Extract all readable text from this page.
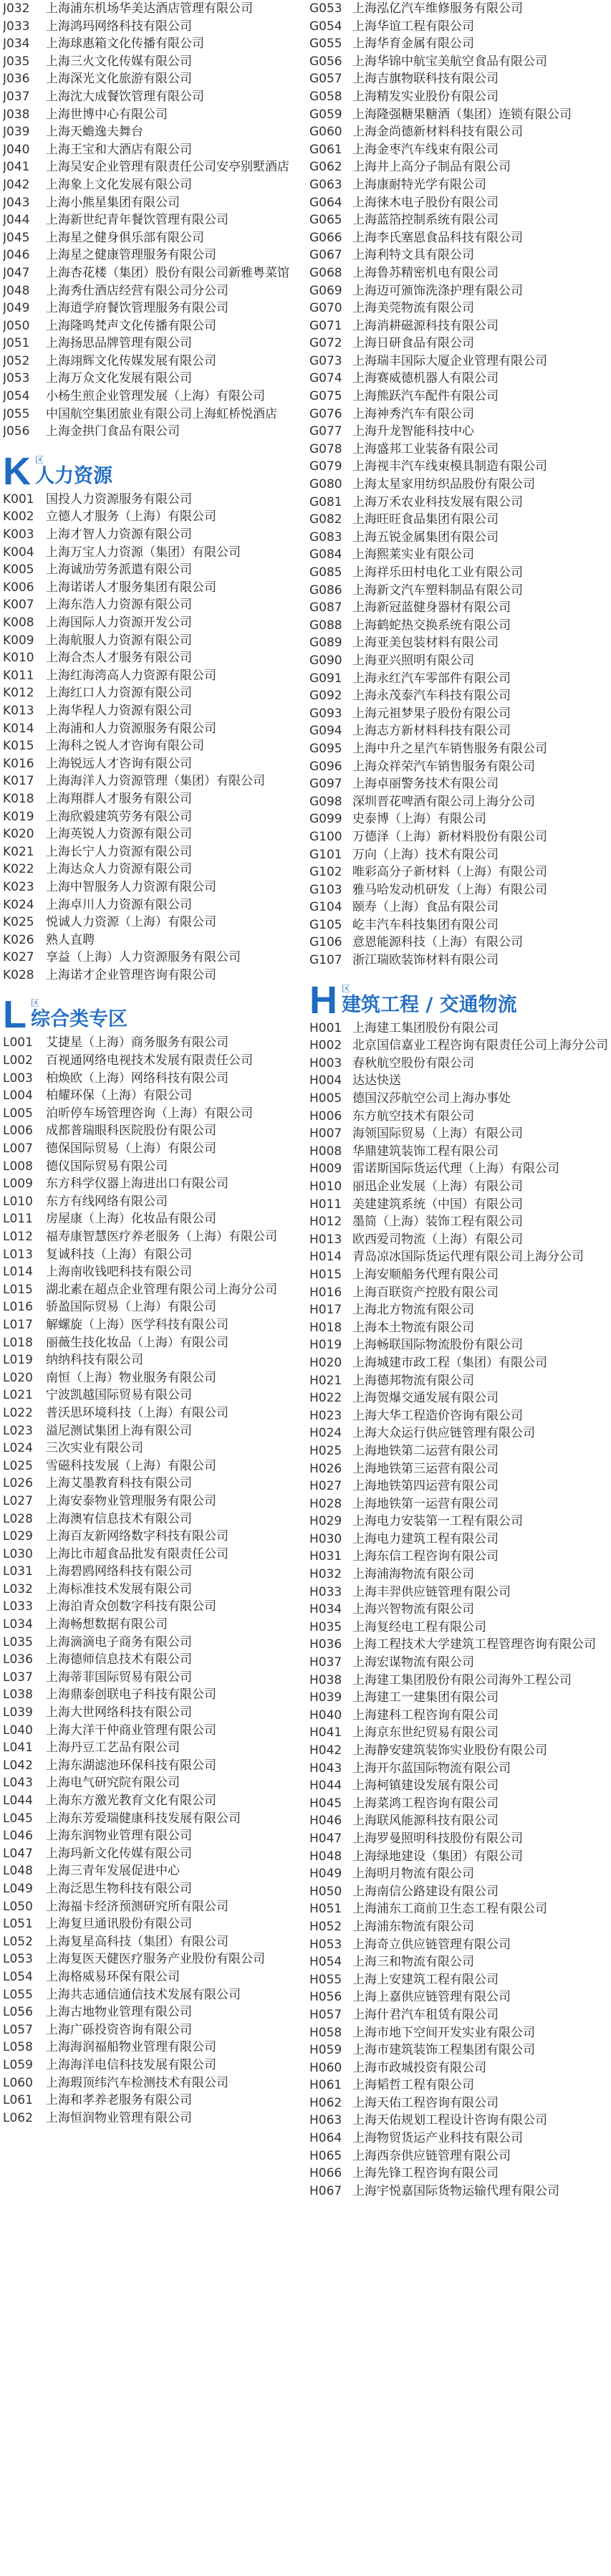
J032	上海浦东机场华美达酒店管理有限公司
J033	上海鸿玛网络科技有限公司
J034	上海球惠箱文化传播有限公司
J035	上海三火文化传媒有限公司
J036	上海深光文化旅游有限公司
J037	上海沈大成餐饮管理有限公司
J038	上海世博中心有限公司
J039	上海天蟾逸夫舞台
J040	上海王宝和大酒店有限公司
J041	上海吴安企业管理有限责任公司安亭别墅酒店
J042	上海象上文化发展有限公司
J043	上海小熊星集团有限公司
J044	上海新世纪青年餐饮管理有限公司
J045	上海星之健身俱乐部有限公司
J046	上海星之健康管理服务有限公司
J047	上海杏花楼（集团）股份有限公司新雅粤菜馆
J048	上海秀仕酒店经营有限公司分公司
J049	上海逍学府餐饮管理服务有限公司
J050	上海隆鸣梵声文化传播有限公司
J051	上海扬思品牌管理有限公司
J052	上海翊辉文化传媒发展有限公司
J053	上海万众文化发展有限公司
J054	小杨生煎企业管理发展（上海）有限公司
J055	中国航空集团旅业有限公司上海虹桥悦酒店
J056	上海金拱门食品有限公司
K 区
人力资源
K001 国投人力资源服务有限公司
K002 立德人才服务（上海）有限公司
K003 上海才智人力资源有限公司
K004 上海万宝人力资源（集团）有限公司
K005 上海诚劢劳务派遣有限公司
K006 上海诺诺人才服务集团有限公司
K007 上海东浩人力资源有限公司
K008 上海国际人力资源开发公司
K009 上海航服人力资源有限公司
K010 上海合杰人才服务有限公司
K011 上海红海湾高人力资源有限公司
K012 上海红口人力资源有限公司
K013 上海华程人力资源有限公司
K014 上海浦和人力资源服务有限公司
K015 上海科之锐人才咨询有限公司
K016 上海锐远人才咨询有限公司
K017 上海海洋人力资源管理（集团）有限公司
K018 上海翔群人才服务有限公司
K019 上海欣毅建筑劳务有限公司
K020 上海英锐人力资源有限公司
K021 上海长宁人力资源有限公司
K022 上海达众人力资源有限公司
K023 上海中智服务人力资源有限公司
K024 上海卓川人力资源有限公司
K025 悦诚人力资源（上海）有限公司
K026 熟人直聘
K027 享益（上海）人力资源服务有限公司
K028 上海诺才企业管理咨询有限公司
L 区
综合类专区
L001	艾捷星（上海）商务服务有限公司
L002	百视通网络电视技术发展有限责任公司
L003	柏焕欧（上海）网络科技有限公司
L004	柏耀环保（上海）有限公司
L005	泊昕停车场管理咨询（上海）有限公司
L006	成都普瑞眼科医院股份有限公司
L007	德保国际贸易（上海）有限公司
L008	德仪国际贸易有限公司
L009	东方科学仪器上海进出口有限公司
L010	东方有线网络有限公司
L011	房屋康（上海）化妆品有限公司
L012	福寿康智慧医疗养老服务（上海）有限公司
L013	复诚科技（上海）有限公司
L014	上海南收钱吧科技有限公司
L015	湖北素在超点企业管理有限公司上海分公司
L016	骄盈国际贸易（上海）有限公司
L017	解螺旋（上海）医学科技有限公司
L018	丽薇生技化妆品（上海）有限公司
L019	纳纳科技有限公司
L020	南恒（上海）物业服务有限公司
L021	宁波凯越国际贸易有限公司
L022	普沃思环境科技（上海）有限公司
L023	溢尼测试集团上海有限公司
L024	三次实业有限公司
L025	雪磁科技发展（上海）有限公司
L026	上海艾墨教育科技有限公司
L027	上海安泰物业管理服务有限公司
L028	上海澳宥信息技术有限公司
L029	上海百友新网络数字科技有限公司
L030	上海比市超食品批发有限责任公司
L031	上海碧鸥网络科技有限公司
L032	上海标准技术发展有限公司
L033	上海泊青众创数字科技有限公司
L034	上海畅想数据有限公司
L035	上海滴滴电子商务有限公司
L036	上海德师信息技术有限公司
L037	上海蒂菲国际贸易有限公司
L038	上海鼎泰创联电子科技有限公司
L039	上海大世网络科技有限公司
L040	上海大洋干仲商业管理有限公司
L041	上海丹豆工艺品有限公司
L042	上海东湖滤池环保科技有限公司
L043	上海电气研究院有限公司
L044	上海东方激光教育文化有限公司
L045	上海东芳爱瑞健康科技发展有限公司
L046	上海东润物业管理有限公司
L047	上海玛新文化传媒有限公司
L048	上海三青年发展促进中心
L049	上海泛思生物科技有限公司
L050	上海福卡经济预测研究所有限公司
L051	上海复旦通讯股份有限公司
L052	上海复星高科技（集团）有限公司
L053	上海复医天健医疗服务产业股份有限公司
L054	上海格威易环保有限公司
L055	上海共志通信通信技术发展有限公司
L056	上海古地物业管理有限公司
L057	上海广砾投资咨询有限公司
L058	上海海润福船物业管理有限公司
L059	上海海洋电信科技发展有限公司
L060	上海瑕顶纬汽车检测技术有限公司
L061	上海和孝养老服务有限公司
L062	上海恒润物业管理有限公司
G053 上海泓亿汽车维修服务有限公司
G054 上海华谊工程有限公司
G055 上海华育金属有限公司
G056 上海华锦中航宝美航空食品有限公司
G057 上海吉旗物联科技有限公司
G058 上海精发实业股份有限公司
G059 上海隆强糖果糖酒（集团）连锁有限公司
G060 上海金尚德新材料科技有限公司
G061 上海金枣汽车线束有限公司
G062 上海井上高分子制品有限公司
G063 上海康耐特光学有限公司
G064 上海徕木电子股份有限公司
G065 上海蓝箔控制系统有限公司
G066 上海李氏塞恩食品科技有限公司
G067 上海利特文具有限公司
G068 上海鲁苏精密机电有限公司
G069 上海迈可颁饰洗涤护理有限公司
G070 上海美莞物流有限公司
G071 上海消耕磁源科技有限公司
G072 上海日研食品有限公司
G073 上海瑞丰国际大厦企业管理有限公司
G074 上海赛威德机器人有限公司
G075 上海熊跃汽车配件有限公司
G076 上海神秀汽车有限公司
G077 上海升龙智能科技中心
G078 上海盛邦工业装备有限公司
G079 上海视丰汽车线束模具制造有限公司
G080 上海太星家用纺织品股份有限公司
G081 上海万禾农业科技发展有限公司
G082 上海旺旺食品集团有限公司
G083 上海五锐金属集团有限公司
G084 上海熙莱实业有限公司
G085 上海祥乐田村电化工业有限公司
G086 上海新文汽车塑料制品有限公司
G087 上海新冠蓝健身器材有限公司
G088 上海鹤蛇热交换系统有限公司
G089 上海亚美包装材料有限公司
G090 上海亚兴照明有限公司
G091 上海永红汽车零部件有限公司
G092 上海永茂泰汽车科技有限公司
G093 上海元祖梦果子股份有限公司
G094 上海志方新材料科技有限公司
G095 上海中升之星汽车销售服务有限公司
G096 上海众祥荣汽车销售服务有限公司
G097 上海卓丽警务技术有限公司
G098 深圳晋花啤酒有限公司上海分公司
G099 史泰博（上海）有限公司
G100 万德泽（上海）新材料股份有限公司
G101 万向（上海）技术有限公司
G102 唯彩高分子新材料（上海）有限公司
G103 雅马哈发动机研发（上海）有限公司
G104 颐寿（上海）食品有限公司
G105 屹丰汽车科技集团有限公司
G106 意恩能源科技（上海）有限公司
G107 浙江瑞欧装饰材料有限公司
H 区
建筑工程 / 交通物流
H001 上海建工集团股份有限公司
H002 北京国信嘉业工程咨询有限责任公司上海分公司
H003 春秋航空股份有限公司
H004 达达快送
H005 德国汉莎航空公司上海办事处
H006 东方航空技术有限公司
H007 海领国际贸易（上海）有限公司
H008 华鼎建筑装饰工程有限公司
H009 雷诺斯国际货运代理（上海）有限公司
H010 丽迅企业发展（上海）有限公司
H011 美建建筑系统（中国）有限公司
H012 墨简（上海）装饰工程有限公司
H013 欧西爱司物流（上海）有限公司
H014 青岛凉冰国际货运代理有限公司上海分公司
H015 上海安顺船务代理有限公司
H016 上海百联资产控股有限公司
H017 上海北方物流有限公司
H018 上海本土物流有限公司
H019 上海畅联国际物流股份有限公司
H020 上海城建市政工程（集团）有限公司
H021 上海德邦物流有限公司
H022 上海贺爆交通发展有限公司
H023 上海大华工程造价咨询有限公司
H024 上海大众运行供应链管理有限公司
H025 上海地铁第二运营有限公司
H026 上海地铁第三运营有限公司
H027 上海地铁第四运营有限公司
H028 上海地铁第一运营有限公司
H029 上海电力安装第一工程有限公司
H030 上海电力建筑工程有限公司
H031 上海东信工程咨询有限公司
H032 上海浦海物流有限公司
H033 上海丰羿供应链管理有限公司
H034 上海兴智物流有限公司
H035 上海复经电工程有限公司
H036 上海工程技术大学建筑工程管理咨询有限公司
H037 上海宏谋物流有限公司
H038 上海建工集团股份有限公司海外工程公司
H039 上海建工一建集团有限公司
H040 上海建科工程咨询有限公司
H041 上海京东世纪贸易有限公司
H042 上海静安建筑装饰实业股份有限公司
H043 上海开尔蓝国际物流有限公司
H044 上海柯镇建设发展有限公司
H045 上海菜鸿工程咨询有限公司
H046 上海联风能源科技有限公司
H047 上海罗曼照明科技股份有限公司
H048 上海绿地建设（集团）有限公司
H049 上海明月物流有限公司
H050 上海南信公路建设有限公司
H051 上海浦东工商前卫生态工程有限公司
H052 上海浦东物流有限公司
H053 上海奇立供应链管理有限公司
H054 上海三和物流有限公司
H055 上海上安建筑工程有限公司
H056 上海上嘉供应链管理有限公司
H057 上海什君汽车租赁有限公司
H058 上海市地下空间开发实业有限公司
H059 上海市建筑装饰工程集团有限公司
H060 上海市政城投资有限公司
H061 上海韬哲工程有限公司
H062 上海天佑工程咨询有限公司
H063 上海天佑规划工程设计咨询有限公司
H064 上海物贸货运产业科技有限公司
H065 上海西奈供应链管理有限公司
H066 上海先锋工程咨询有限公司
H067 上海宇悦嘉国际货物运输代理有限公司
